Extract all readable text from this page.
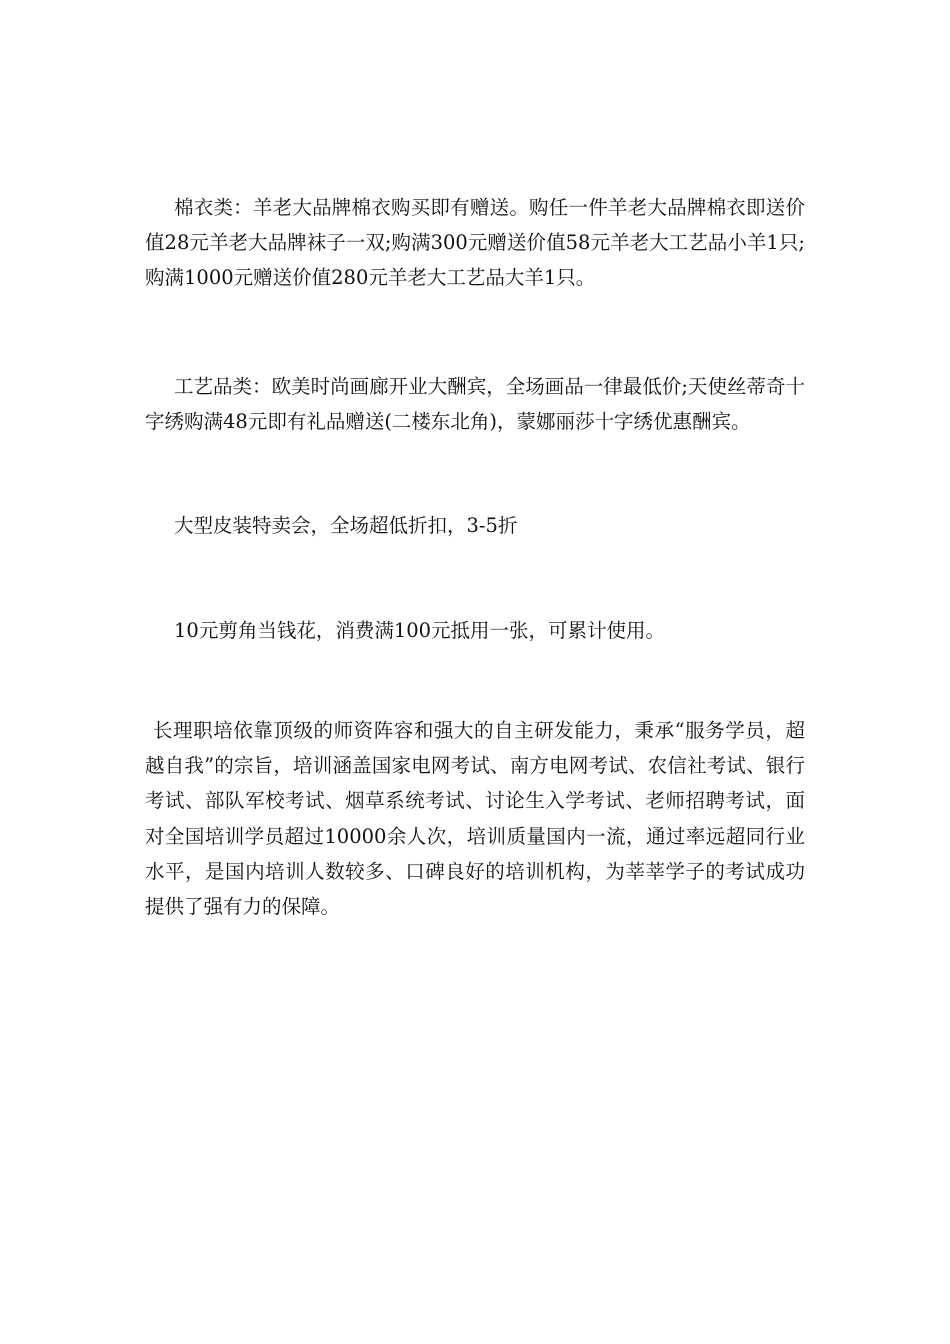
棉衣类：羊老大品牌棉衣购买即有赠送。购任一件羊老大品牌棉衣即送价值28元羊老大品牌袜子一双;购满300元赠送价值58元羊老大工艺品小羊1只;购满1000元赠送价值280元羊老大工艺品大羊1只。

工艺品类：欧美时尚画廊开业大酬宾，全场画品一律最低价;天使丝蒂奇十字绣购满48元即有礼品赠送(二楼东北角)，蒙娜丽莎十字绣优惠酬宾。

大型皮装特卖会，全场超低折扣，3-5折

10元剪角当钱花，消费满100元抵用一张，可累计使用。

长理职培依靠顶级的师资阵容和强大的自主研发能力，秉承“服务学员，超越自我”的宗旨，培训涵盖国家电网考试、南方电网考试、农信社考试、银行考试、部队军校考试、烟草系统考试、讨论生入学考试、老师招聘考试，面对全国培训学员超过10000余人次，培训质量国内一流，通过率远超同行业水平，是国内培训人数较多、口碑良好的培训机构，为莘莘学子的考试成功提供了强有力的保障。
